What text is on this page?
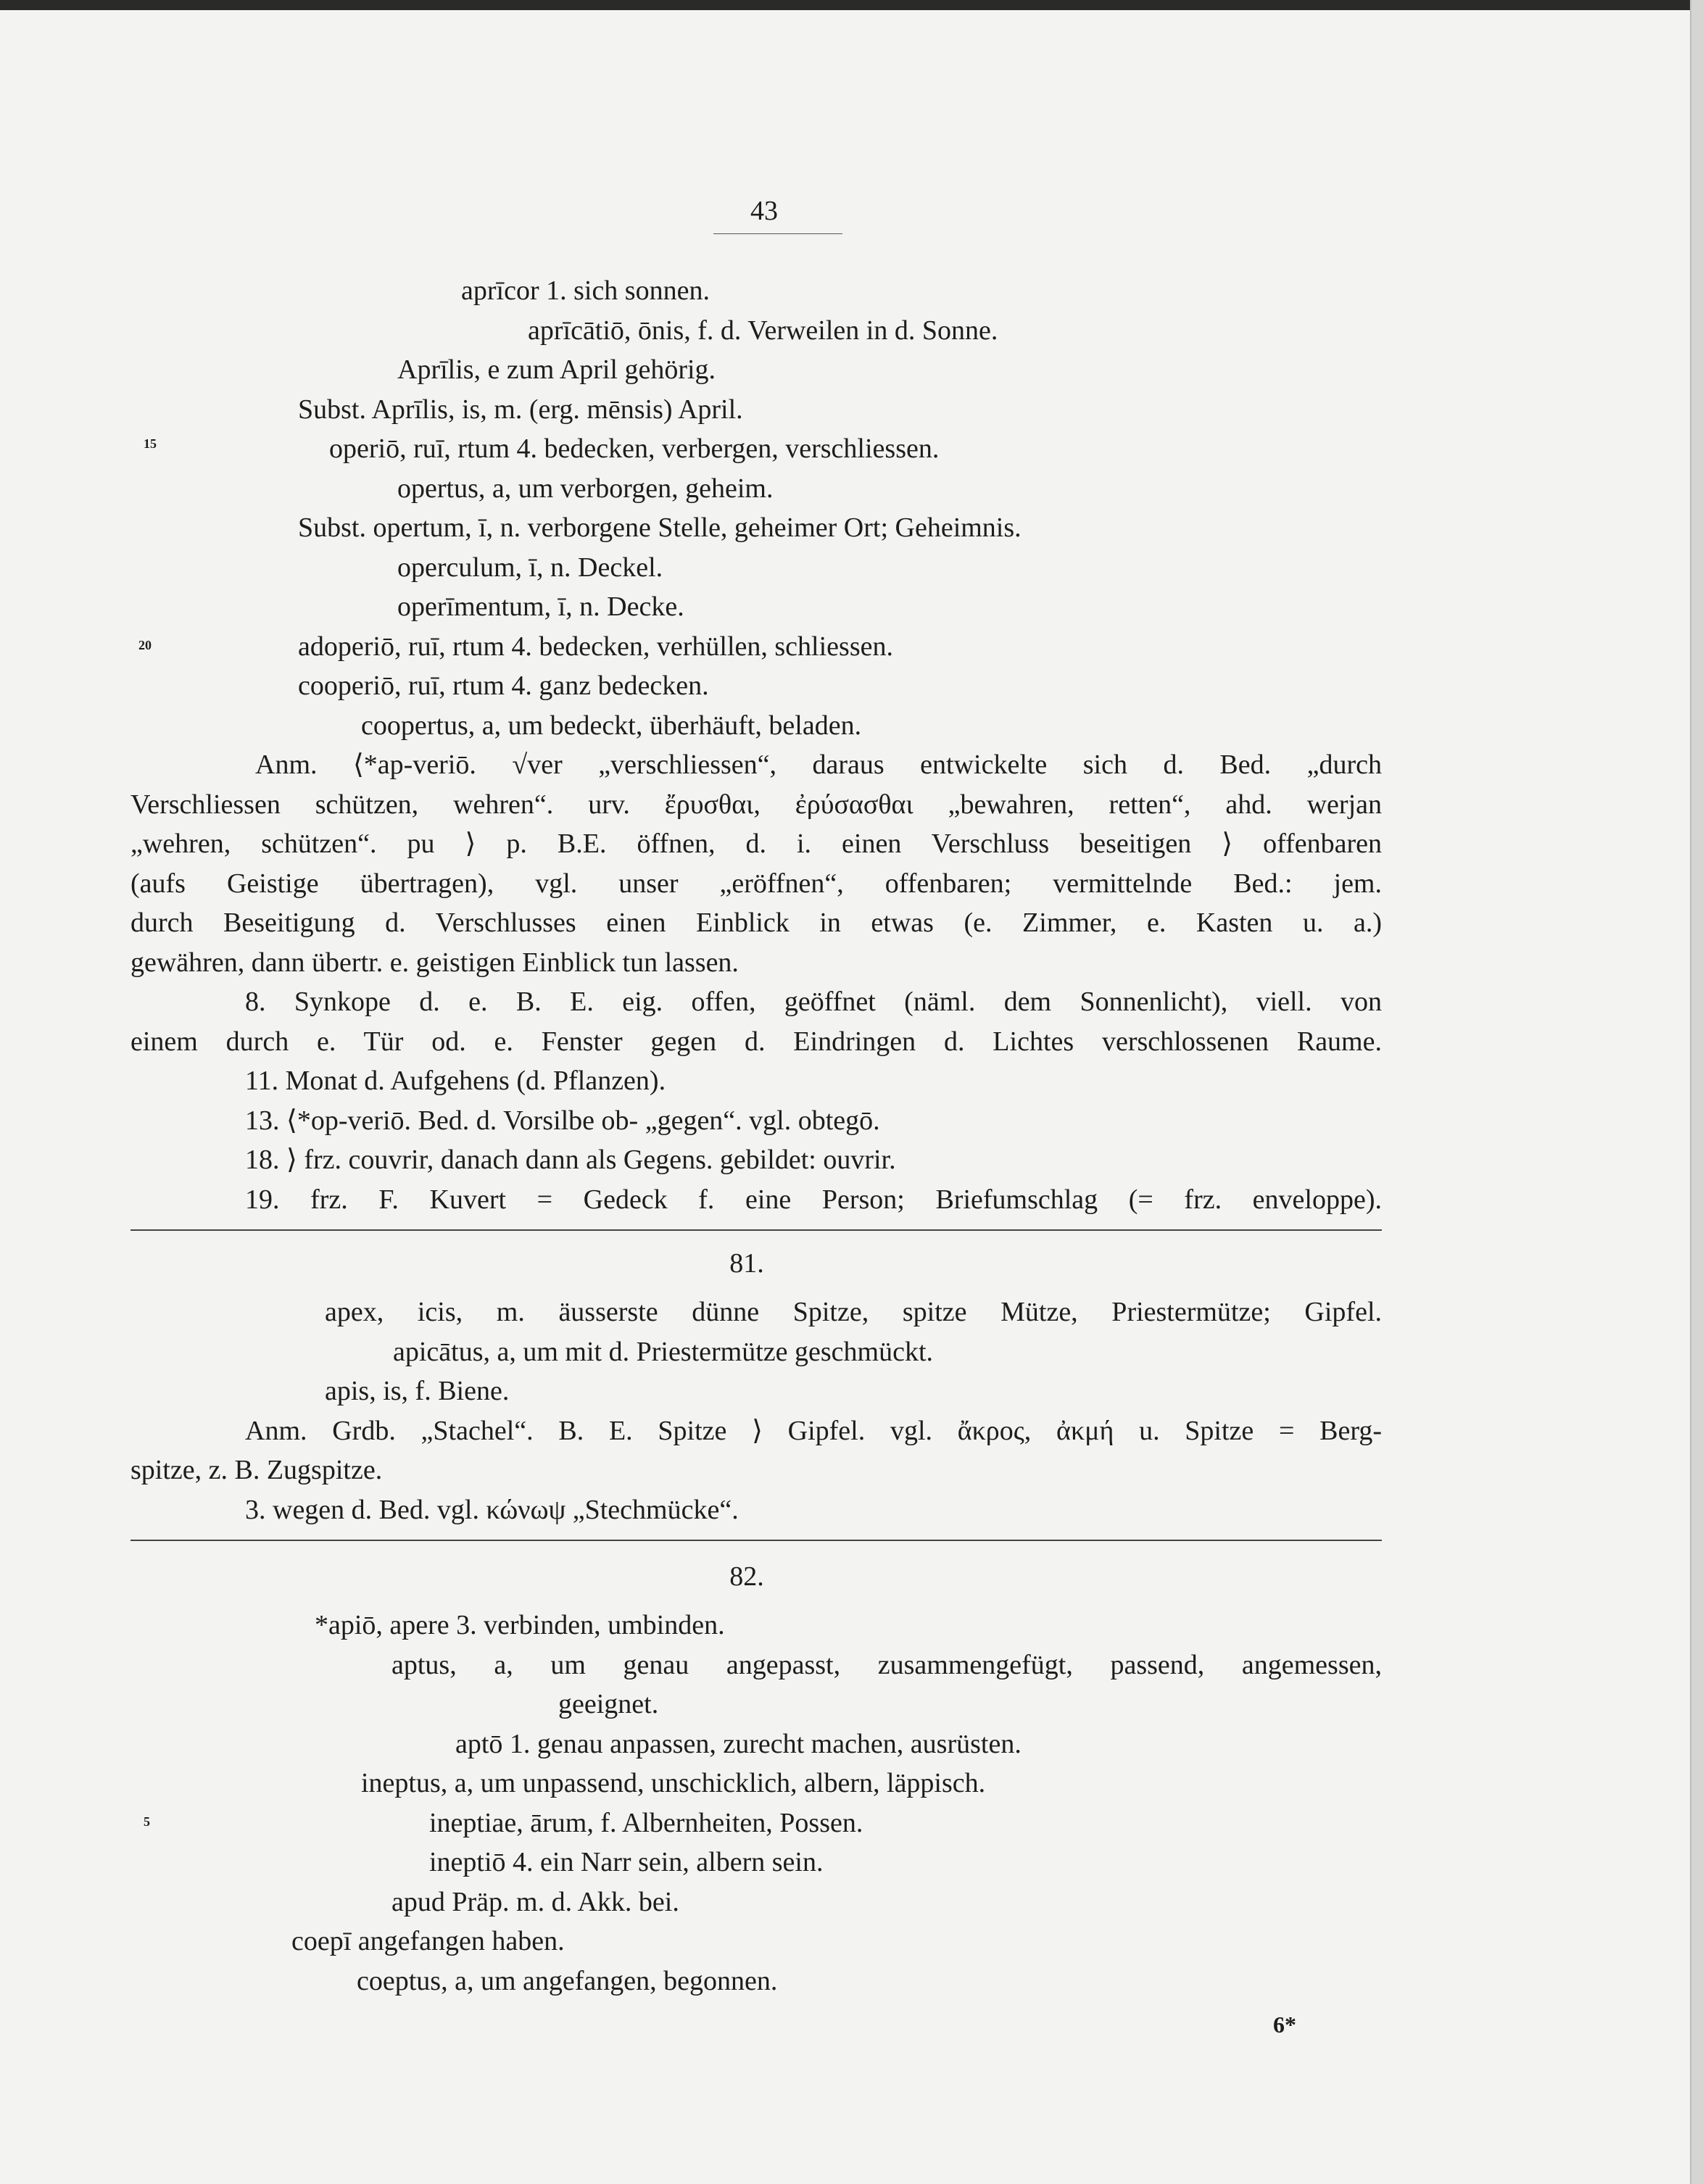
43
aprīcor 1. sich sonnen.
aprīcātiō, ōnis, f. d. Verweilen in d. Sonne.
Aprīlis, e zum April gehörig.
Subst. Aprīlis, is, m. (erg. mēnsis) April.
15	operiō, ruī, rtum 4. bedecken, verbergen, verschliessen.
opertus, a, um verborgen, geheim.
Subst. opertum, ī, n. verborgene Stelle, geheimer Ort; Geheimnis.
operculum, ī, n. Deckel.
operīmentum, ī, n. Decke.
20	adoperiō, ruī, rtum 4. bedecken, verhüllen, schliessen.
cooperiō, ruī, rtum 4. ganz bedecken.
coopertus, a, um bedeckt, überhäuft, beladen.
Anm. ⟨*ap-veriō. √ver „verschliessen“, daraus entwickelte sich d. Bed. „durch
Verschliessen schützen, wehren“. urv. ἔρυσθαι, ἐρύσασθαι „bewahren, retten“, ahd. werjan
„wehren, schützen“. pu ⟩ p. B.E. öffnen, d. i. einen Verschluss beseitigen ⟩ offenbaren
(aufs Geistige übertragen), vgl. unser „eröffnen“, offenbaren; vermittelnde Bed.: jem.
durch Beseitigung d. Verschlusses einen Einblick in etwas (e. Zimmer, e. Kasten u. a.)
gewähren, dann übertr. e. geistigen Einblick tun lassen.
8. Synkope d. e. B. E. eig. offen, geöffnet (näml. dem Sonnenlicht), viell. von
einem durch e. Tür od. e. Fenster gegen d. Eindringen d. Lichtes verschlossenen Raume.
11. Monat d. Aufgehens (d. Pflanzen).
13. ⟨*op-veriō. Bed. d. Vorsilbe ob- „gegen“. vgl. obtegō.
18. ⟩ frz. couvrir, danach dann als Gegens. gebildet: ouvrir.
19. frz. F. Kuvert = Gedeck f. eine Person; Briefumschlag (= frz. enveloppe).
81.
apex, icis, m. äusserste dünne Spitze, spitze Mütze, Priestermütze; Gipfel.
apicātus, a, um mit d. Priestermütze geschmückt.
apis, is, f. Biene.
Anm. Grdb. „Stachel“. B. E. Spitze ⟩ Gipfel. vgl. ἄκρος, ἀκμή u. Spitze = Berg-
spitze, z. B. Zugspitze.
3. wegen d. Bed. vgl. κώνωψ „Stechmücke“.
82.
*apiō, apere 3. verbinden, umbinden.
aptus, a, um genau angepasst, zusammengefügt, passend, angemessen,
geeignet.
aptō 1. genau anpassen, zurecht machen, ausrüsten.
ineptus, a, um unpassend, unschicklich, albern, läppisch.
5	ineptiae, ārum, f. Albernheiten, Possen.
ineptiō 4. ein Narr sein, albern sein.
apud Präp. m. d. Akk. bei.
coepī angefangen haben.
coeptus, a, um angefangen, begonnen.
6*
